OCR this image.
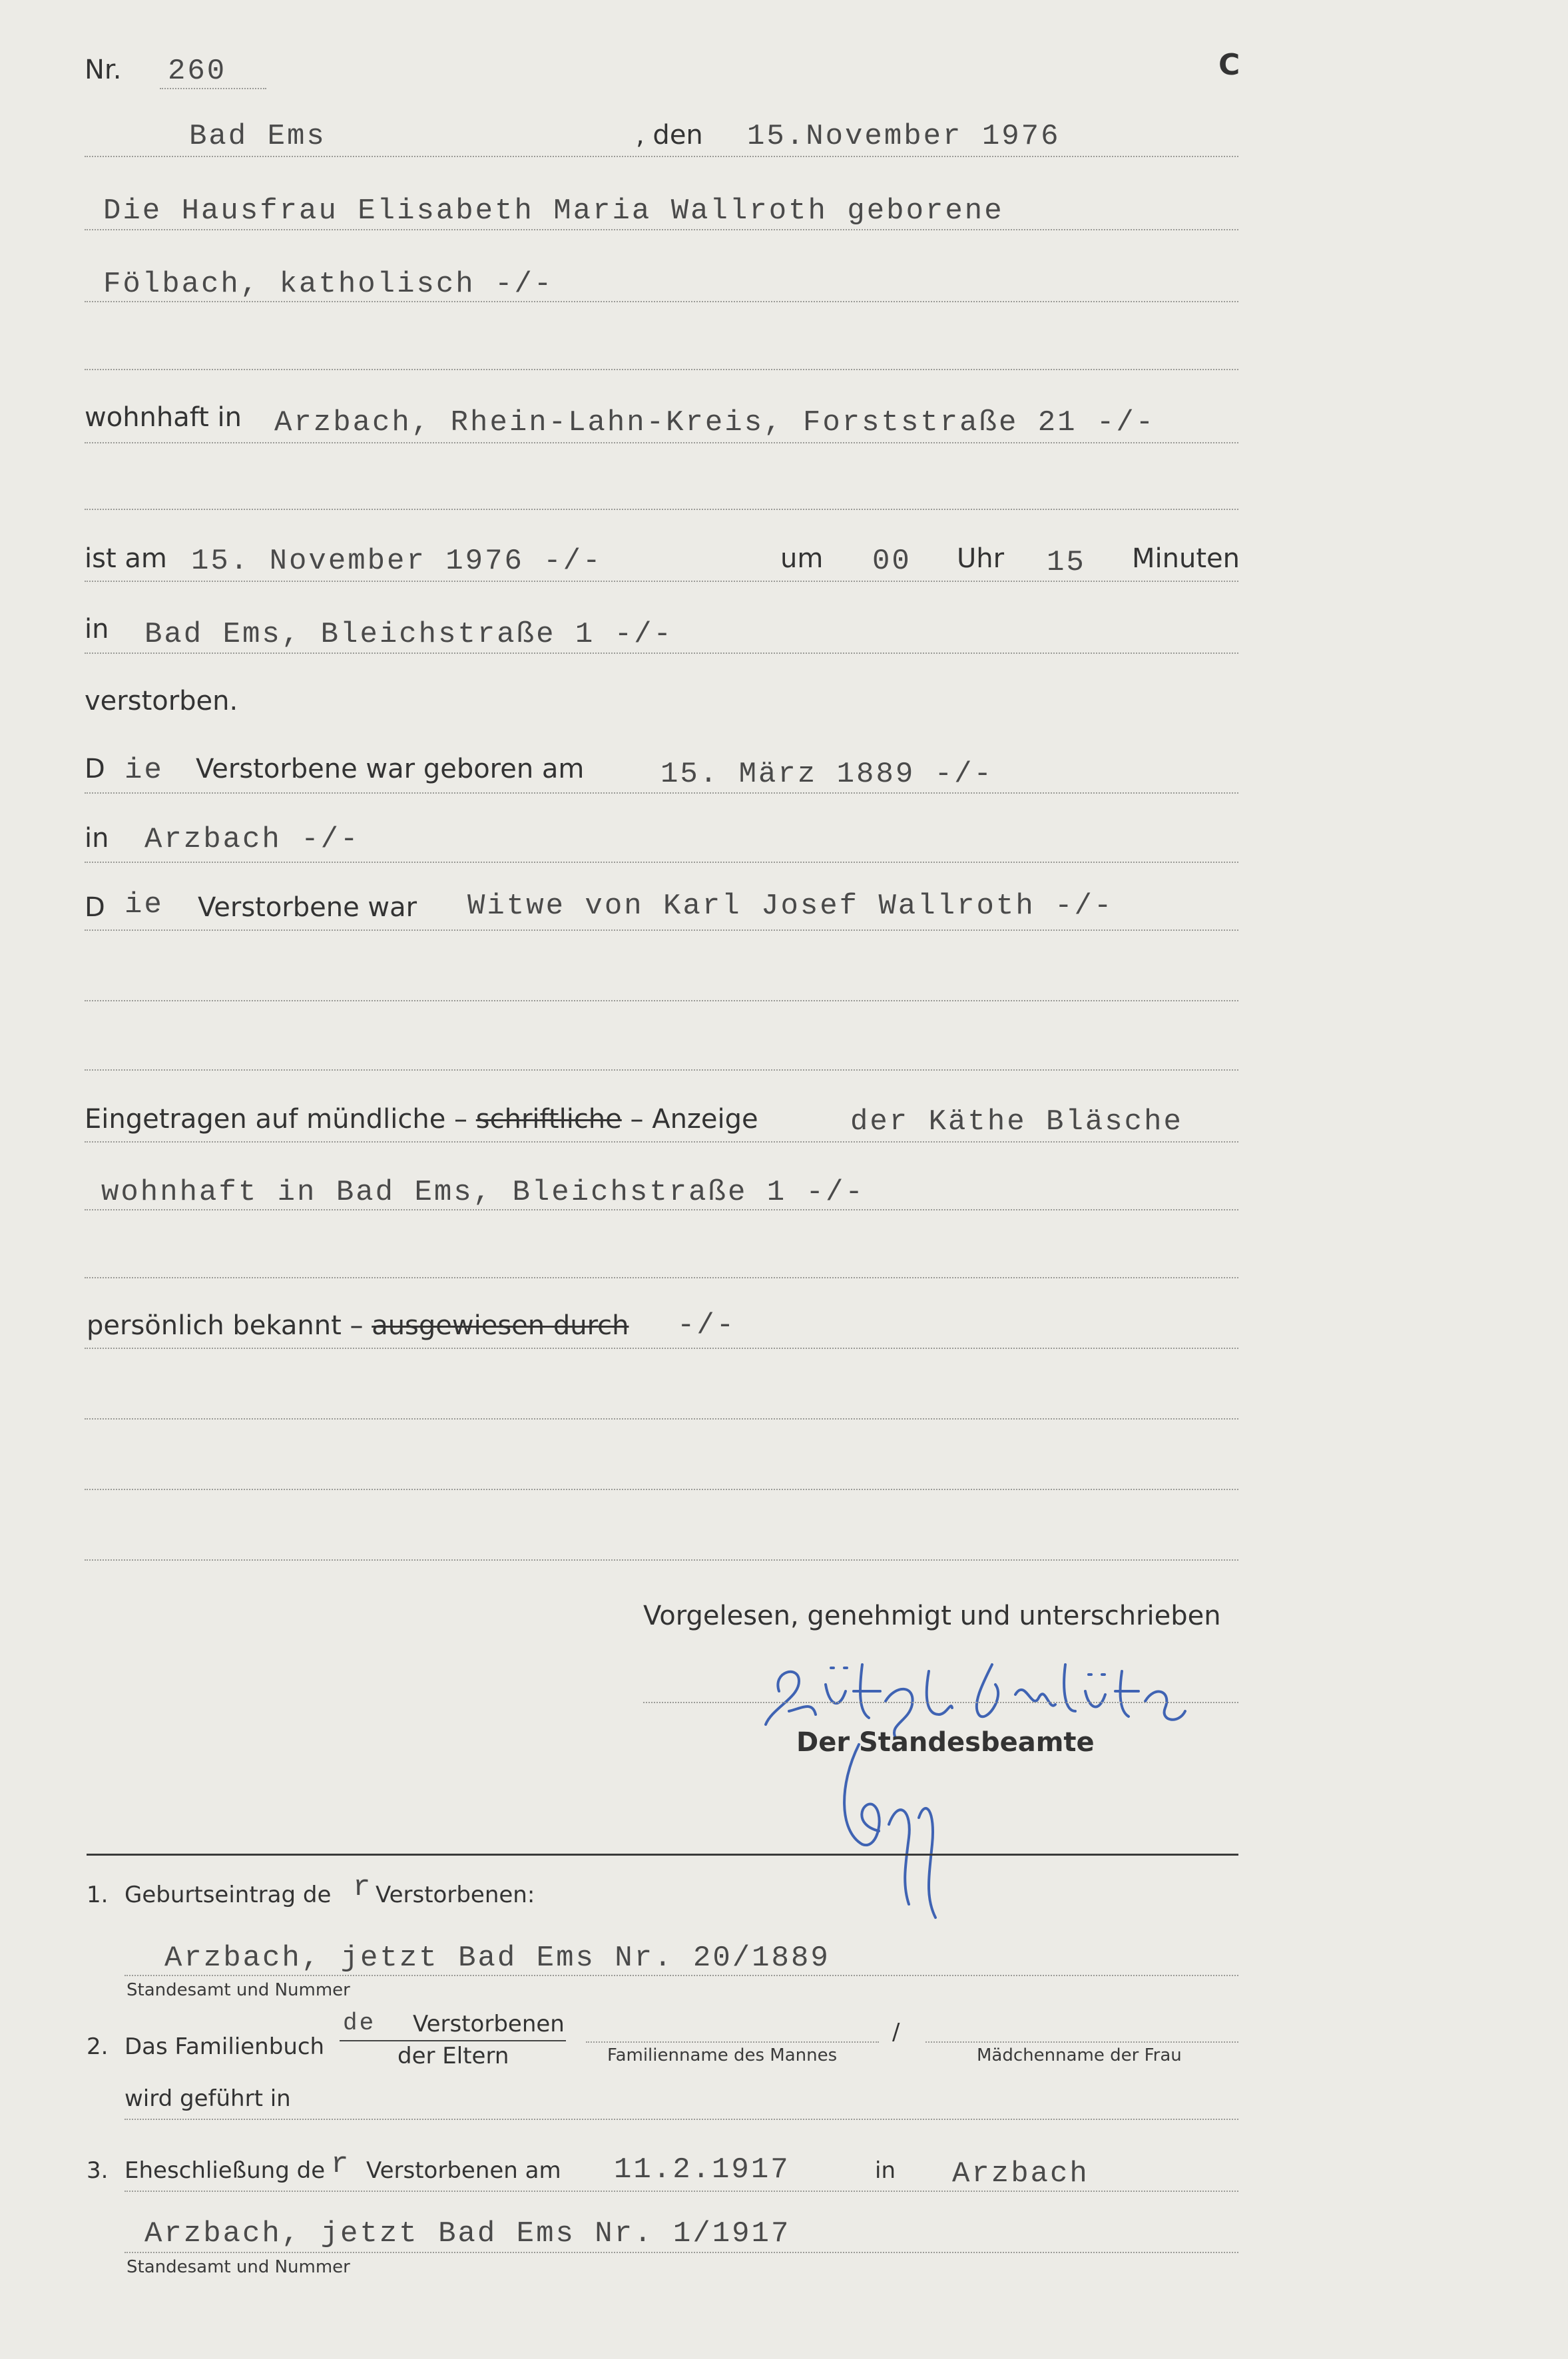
Nr. 260	C
Bad Ems	, den 15.November 1976
Die Hausfrau Elisabeth Maria Wallroth geborene
Fölbach, katholisch -/-
wohnhaft in Arzbach, Rhein-Lahn-Kreis, Forststraße 21 -/-
ist am 15. November 1976 -/-	um 00 Uhr 15 Minuten
in Bad Ems, Bleichstraße 1 -/-
verstorben.
D ie Verstorbene war geboren am	15. März 1889 -/-
in Arzbach -/-
D ie Verstorbene war Witwe von Karl Josef Wallroth -/-
Eingetragen auf mündliche – schriftliche – Anzeige	der Käthe Bläsche
wohnhaft in Bad Ems, Bleichstraße 1 -/-
persönlich bekannt – ausgewiesen durch -/-
Vorgelesen, genehmigt und unterschrieben
Der Standesbeamte
1. Geburtseintrag de r Verstorbenen:
Arzbach, jetzt Bad Ems Nr. 20/1889
Standesamt und Nummer
2. Das Familienbuch
de Verstorbenen
der Eltern
/
Familienname des Mannes	Mädchenname der Frau
wird geführt in
3. Eheschließung de r Verstorbenen am 11.2.1917	in Arzbach
Arzbach, jetzt Bad Ems Nr. 1/1917
Standesamt und Nummer
